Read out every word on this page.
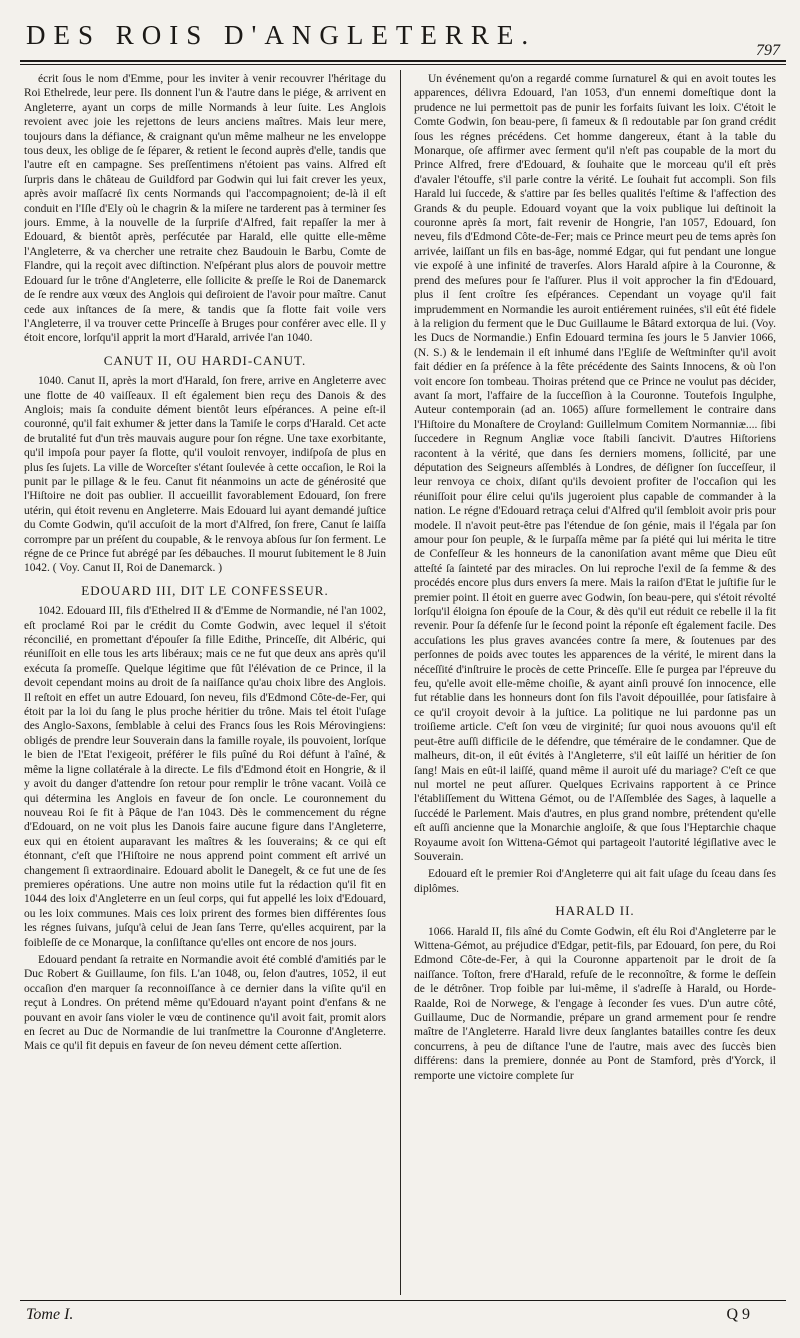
DES ROIS D'ANGLETERRE.
797

écrit ſous le nom d'Emme, pour les inviter à venir recouvrer l'héritage du Roi Ethelrede, leur pere. Ils donnent l'un & l'autre dans le piége, & arrivent en Angleterre, ayant un corps de mille Normands à leur ſuite. Les Anglois revoient avec joie les rejettons de leurs anciens maîtres. Mais leur mere, toujours dans la défiance, & craignant qu'un même malheur ne les enveloppe tous deux, les oblige de ſe ſéparer, & retient le ſecond auprès d'elle, tandis que l'autre eſt en campagne. Ses preſſentimens n'étoient pas vains. Alfred eſt ſurpris dans le château de Guildford par Godwin qui lui fait crever les yeux, après avoir maſſacré ſix cents Normands qui l'accompagnoient; de-là il eſt conduit en l'Iſle d'Ely où le chagrin & la miſere ne tarderent pas à terminer ſes jours. Emme, à la nouvelle de la ſurpriſe d'Alfred, fait repaſſer la mer à Edouard, & bientôt après, perſécutée par Harald, elle quitte elle-même l'Angleterre, & va chercher une retraite chez Baudouin le Barbu, Comte de Flandre, qui la reçoit avec diſtinction. N'eſpérant plus alors de pouvoir mettre Edouard ſur le trône d'Angleterre, elle ſollicite & preſſe le Roi de Danemarck de ſe rendre aux vœux des Anglois qui deſiroient de l'avoir pour maître. Canut cede aux inſtances de ſa mere, & tandis que ſa flotte fait voile vers l'Angleterre, il va trouver cette Princeſſe à Bruges pour conférer avec elle. Il y étoit encore, lorſqu'il apprit la mort d'Harald, arrivée l'an 1040.

CANUT II, OU HARDI-CANUT.

1040. Canut II, après la mort d'Harald, ſon frere, arrive en Angleterre avec une flotte de 40 vaiſſeaux. Il eſt également bien reçu des Danois & des Anglois; mais ſa conduite dément bientôt leurs eſpérances. A peine eſt-il couronné, qu'il fait exhumer & jetter dans la Tamiſe le corps d'Harald. Cet acte de brutalité fut d'un très mauvais augure pour ſon régne. Une taxe exorbitante, qu'il impoſa pour payer ſa flotte, qu'il vouloit renvoyer, indiſpoſa de plus en plus ſes ſujets. La ville de Worceſter s'étant ſoulevée à cette occaſion, le Roi la punit par le pillage & le feu. Canut fit néanmoins un acte de générosité que l'Hiſtoire ne doit pas oublier. Il accueillit favorablement Edouard, ſon frere utérin, qui étoit revenu en Angleterre. Mais Edouard lui ayant demandé juſtice du Comte Godwin, qu'il accuſoit de la mort d'Alfred, ſon frere, Canut ſe laiſſa corrompre par un préſent du coupable, & le renvoya abſous ſur ſon ferment. Le régne de ce Prince fut abrégé par ſes débauches. Il mourut ſubitement le 8 Juin 1042. ( Voy. Canut II, Roi de Danemarck. )

EDOUARD III, DIT LE CONFESSEUR.

1042. Edouard III, fils d'Ethelred II & d'Emme de Normandie, né l'an 1002, eſt proclamé Roi par le crédit du Comte Godwin, avec lequel il s'étoit réconcilié, en promettant d'épouſer ſa fille Edithe, Princeſſe, dit Albéric, qui réuniſſoit en elle tous les arts libéraux; mais ce ne fut que deux ans après qu'il exécuta ſa promeſſe. Quelque légitime que fût l'élévation de ce Prince, il la devoit cependant moins au droit de ſa naiſſance qu'au choix libre des Anglois. Il reſtoit en effet un autre Edouard, ſon neveu, fils d'Edmond Côte-de-Fer, qui étoit par la loi du ſang le plus proche héritier du trône. Mais tel étoit l'uſage des Anglo-Saxons, ſemblable à celui des Francs ſous les Rois Mérovingiens: obligés de prendre leur Souverain dans la famille royale, ils pouvoient, lorſque le bien de l'Etat l'exigeoit, préférer le fils puîné du Roi défunt à l'aîné, & même la ligne collatérale à la directe. Le fils d'Edmond étoit en Hongrie, & il y avoit du danger d'attendre ſon retour pour remplir le trône vacant. Voilà ce qui détermina les Anglois en faveur de ſon oncle. Le couronnement du nouveau Roi ſe fit à Pâque de l'an 1043. Dès le commencement du régne d'Edouard, on ne voit plus les Danois faire aucune figure dans l'Angleterre, eux qui en étoient auparavant les maîtres & les ſouverains; & ce qui eſt étonnant, c'eſt que l'Hiſtoire ne nous apprend point comment eſt arrivé un changement ſi extraordinaire. Edouard abolit le Danegelt, & ce fut une de ſes premieres opérations. Une autre non moins utile fut la rédaction qu'il fit en 1044 des loix d'Angleterre en un ſeul corps, qui fut appellé les loix d'Edouard, ou les loix communes. Mais ces loix prirent des formes bien différentes ſous les régnes ſuivans, juſqu'à celui de Jean ſans Terre, qu'elles acquirent, par la foibleſſe de ce Monarque, la conſiſtance qu'elles ont encore de nos jours.

Edouard pendant ſa retraite en Normandie avoit été comblé d'amitiés par le Duc Robert & Guillaume, ſon fils. L'an 1048, ou, ſelon d'autres, 1052, il eut occaſion d'en marquer ſa reconnoiſſance à ce dernier dans la viſite qu'il en reçut à Londres. On prétend même qu'Edouard n'ayant point d'enfans & ne pouvant en avoir ſans violer le vœu de continence qu'il avoit fait, promit alors en ſecret au Duc de Normandie de lui tranſmettre la Couronne d'Angleterre. Mais ce qu'il fit depuis en faveur de ſon neveu dément cette aſſertion.

Un événement qu'on a regardé comme ſurnaturel & qui en avoit toutes les apparences, délivra Edouard, l'an 1053, d'un ennemi domeſtique dont la prudence ne lui permettoit pas de punir les forfaits ſuivant les loix. C'étoit le Comte Godwin, ſon beau-pere, ſi fameux & ſi redoutable par ſon grand crédit ſous les régnes précédens. Cet homme dangereux, étant à la table du Monarque, oſe affirmer avec ſerment qu'il n'eſt pas coupable de la mort du Prince Alfred, frere d'Edouard, & ſouhaite que le morceau qu'il eſt près d'avaler l'étouffe, s'il parle contre la vérité. Le ſouhait fut accompli. Son fils Harald lui ſuccede, & s'attire par ſes belles qualités l'eſtime & l'affection des Grands & du peuple. Edouard voyant que la voix publique lui deſtinoit la couronne après ſa mort, fait revenir de Hongrie, l'an 1057, Edouard, ſon neveu, fils d'Edmond Côte-de-Fer; mais ce Prince meurt peu de tems après ſon arrivée, laiſſant un fils en bas-âge, nommé Edgar, qui fut pendant une longue vie expoſé à une infinité de traverſes. Alors Harald aſpire à la Couronne, & prend des meſures pour ſe l'aſſurer. Plus il voit approcher la fin d'Edouard, plus il ſent croître ſes eſpérances. Cependant un voyage qu'il fait imprudemment en Normandie les auroit entiérement ruinées, s'il eût été fidele à la religion du ferment que le Duc Guillaume le Bâtard extorqua de lui. (Voy. les Ducs de Normandie.) Enfin Edouard termina ſes jours le 5 Janvier 1066, (N. S.) & le lendemain il eſt inhumé dans l'Egliſe de Weſtminſter qu'il avoit fait dédier en ſa préſence à la fête précédente des Saints Innocens, & où l'on voit encore ſon tombeau. Thoiras prétend que ce Prince ne voulut pas décider, avant ſa mort, l'affaire de la ſucceſſion à la Couronne. Toutefois Ingulphe, Auteur contemporain (ad an. 1065) aſſure formellement le contraire dans l'Hiſtoire du Monaſtere de Croyland: Guillelmum Comitem Normanniæ.... ſibi ſuccedere in Regnum Angliæ voce ſtabili ſancivit. D'autres Hiſtoriens racontent à la vérité, que dans ſes derniers momens, ſollicité, par une députation des Seigneurs aſſemblés à Londres, de déſigner ſon ſucceſſeur, il leur renvoya ce choix, diſant qu'ils devoient profiter de l'occaſion qui les réuniſſoit pour élire celui qu'ils jugeroient plus capable de commander à la nation. Le régne d'Edouard retraça celui d'Alfred qu'il ſembloit avoir pris pour modele. Il n'avoit peut-être pas l'étendue de ſon génie, mais il l'égala par ſon amour pour ſon peuple, & le ſurpaſſa même par ſa piété qui lui mérita le titre de Confeſſeur & les honneurs de la canoniſation avant même que Dieu eût atteſté ſa ſainteté par des miracles. On lui reproche l'exil de ſa femme & des procédés encore plus durs envers ſa mere. Mais la raiſon d'Etat le juſtifie ſur le premier point. Il étoit en guerre avec Godwin, ſon beau-pere, qui s'étoit révolté lorſqu'il éloigna ſon épouſe de la Cour, & dès qu'il eut réduit ce rebelle il la fit revenir. Pour ſa défenſe ſur le ſecond point la réponſe eſt également facile. Des accuſations les plus graves avancées contre ſa mere, & ſoutenues par des perſonnes de poids avec toutes les apparences de la vérité, le mirent dans la néceſſité d'inſtruire le procès de cette Princeſſe. Elle ſe purgea par l'épreuve du feu, qu'elle avoit elle-même choiſie, & ayant ainſi prouvé ſon innocence, elle fut rétablie dans les honneurs dont ſon fils l'avoit dépouillée, pour ſatisfaire à ce qu'il croyoit devoir à la juſtice. La politique ne lui pardonne pas un troiſieme article. C'eſt ſon vœu de virginité; ſur quoi nous avouons qu'il eſt peut-être auſſi difficile de le défendre, que téméraire de le condamner. Que de malheurs, dit-on, il eût évités à l'Angleterre, s'il eût laiſſé un héritier de ſon ſang! Mais en eût-il laiſſé, quand même il auroit uſé du mariage? C'eſt ce que nul mortel ne peut aſſurer. Quelques Ecrivains rapportent à ce Prince l'établiſſement du Wittena Gémot, ou de l'Aſſemblée des Sages, à laquelle a ſuccédé le Parlement. Mais d'autres, en plus grand nombre, prétendent qu'elle eſt auſſi ancienne que la Monarchie angloiſe, & que ſous l'Heptarchie chaque Royaume avoit ſon Wittena-Gémot qui partageoit l'autorité légiſlative avec le Souverain.

Edouard eſt le premier Roi d'Angleterre qui ait fait uſage du ſceau dans ſes diplômes.

HARALD II.

1066. Harald II, fils aîné du Comte Godwin, eſt élu Roi d'Angleterre par le Wittena-Gémot, au préjudice d'Edgar, petit-fils, par Edouard, ſon pere, du Roi Edmond Côte-de-Fer, à qui la Couronne appartenoit par le droit de ſa naiſſance. Toſton, frere d'Harald, refuſe de le reconnoître, & forme le deſſein de le détrôner. Trop foible par lui-même, il s'adreſſe à Harald, ou Horde-Raalde, Roi de Norwege, & l'engage à ſeconder ſes vues. D'un autre côté, Guillaume, Duc de Normandie, prépare un grand armement pour ſe rendre maître de l'Angleterre. Harald livre deux ſanglantes batailles contre ſes deux concurrens, à peu de diſtance l'une de l'autre, mais avec des ſuccès bien différens: dans la premiere, donnée au Pont de Stamford, près d'Yorck, il remporte une victoire complete ſur

Tome I.	Q 9
